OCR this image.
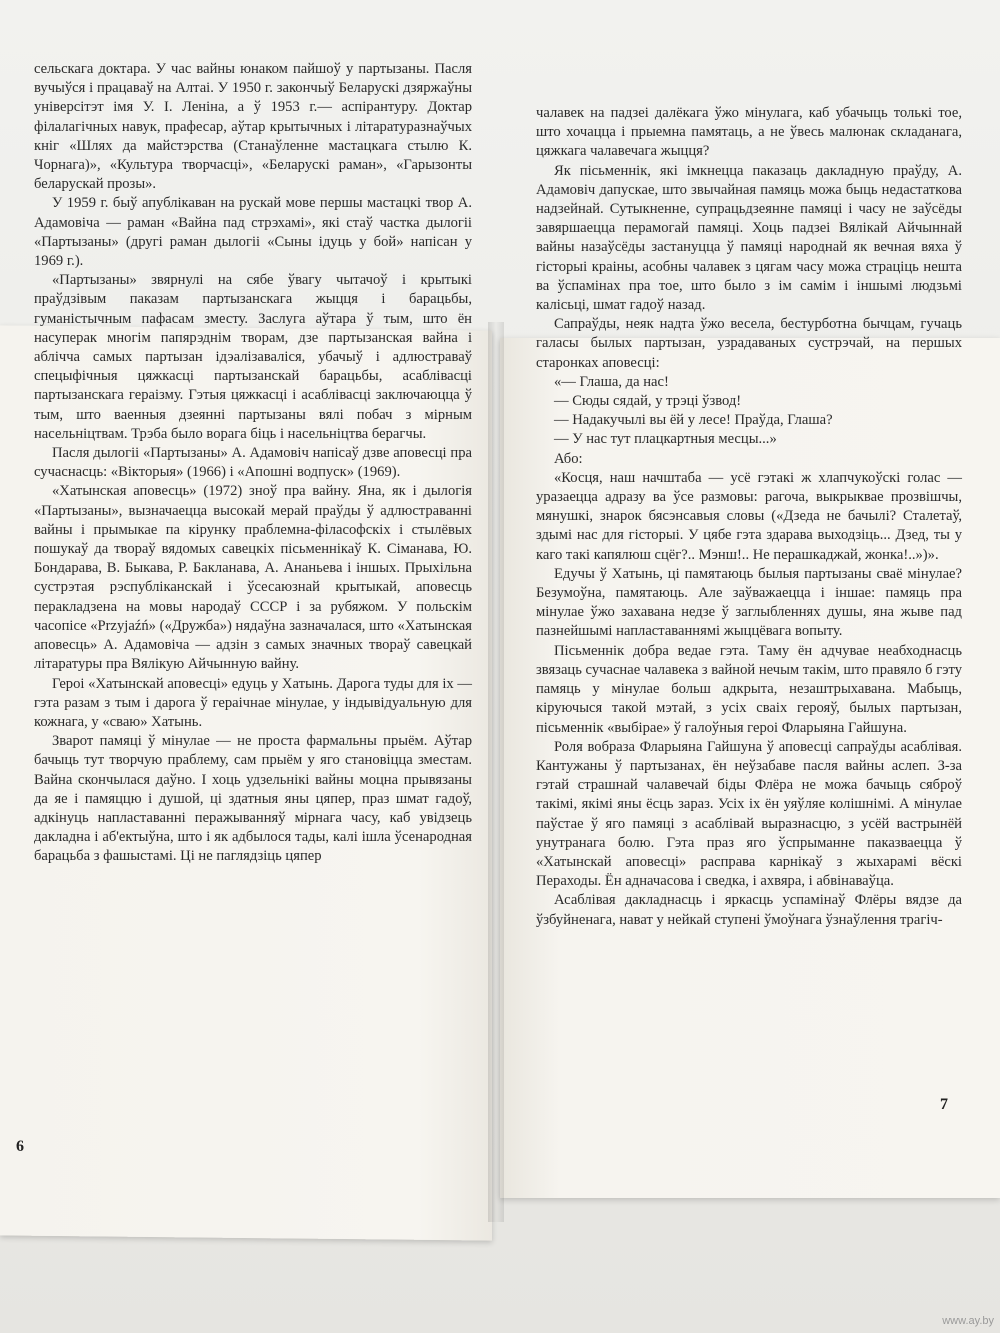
сельскага доктара. У час вайны юнаком пайшоў у партызаны. Пасля вучыўся і працаваў на Алтаі. У 1950 г. закончыў Беларускі дзяржаўны універсітэт імя У. І. Леніна, а ў 1953 г.— аспірантуру. Доктар філалагічных навук, прафесар, аўтар крытычных і літаратуразнаўчых кніг «Шлях да майстэрства (Станаўленне мастацкага стылю К. Чорнага)», «Культура творчасці», «Беларускі раман», «Гарызонты беларускай прозы».

У 1959 г. быў апублікаван на рускай мове першы мастацкі твор А. Адамовіча — раман «Вайна пад стрэхамі», які стаў частка дылогіі «Партызаны» (другі раман дылогіі «Сыны ідуць у бой» напісан у 1969 г.).

«Партызаны» звярнулі на сябе ўвагу чытачоў і крытыкі праўдзівым паказам партызанскага жыцця і барацьбы, гуманістычным пафасам зместу. Заслуга аўтара ў тым, што ён насуперак многім папярэднім творам, дзе партызанская вайна і аблічча самых партызан ідэалізаваліся, убачыў і адлюстраваў спецыфічныя цяжкасці партызанскай барацьбы, асаблівасці партызанскага гераізму. Гэтыя цяжкасці і асаблівасці заключаюцца ў тым, што ваенныя дзеянні партызаны вялі побач з мірным насельніцтвам. Трэба было ворага біць і насельніцтва берагчы.

Пасля дылогіі «Партызаны» А. Адамовіч напісаў дзве аповесці пра сучаснасць: «Вікторыя» (1966) і «Апошні водпуск» (1969).

«Хатынская аповесць» (1972) зноў пра вайну. Яна, як і дылогія «Партызаны», вызначаецца высокай мерай праўды ў адлюстраванні вайны і прымыкае па кірунку праблемна-філасофскіх і стылёвых пошукаў да твораў вядомых савецкіх пісьменнікаў К. Сіманава, Ю. Бондарава, В. Быкава, Р. Бакланава, А. Ананьева і іншых. Прыхільна сустрэтая рэспубліканскай і ўсесаюзнай крытыкай, аповесць перакладзена на мовы народаў СССР і за рубяжом. У польскім часопісе «Przyjaźń» («Дружба») нядаўна зазначалася, што «Хатынская аповесць» А. Адамовіча — адзін з самых значных твораў савецкай літаратуры пра Вялікую Айчынную вайну.

Героі «Хатынскай аповесці» едуць у Хатынь. Дарога туды для іх — гэта разам з тым і дарога ў гераічнае мінулае, у індывідуальную для кожнага, у «сваю» Хатынь.

Зварот памяці ў мінулае — не проста фармальны прыём. Аўтар бачыць тут творчую праблему, сам прыём у яго становіцца зместам. Вайна скончылася даўно. І хоць удзельнікі вайны моцна прывязаны да яе і памяццю і душой, ці здатныя яны цяпер, праз шмат гадоў, адкінуць напластаванні перажыванняў мірнага часу, каб увідзець дакладна і аб'ектыўна, што і як адбылося тады, калі ішла ўсенародная барацьба з фашыстамі. Ці не паглядзіць цяпер

6

чалавек на падзеі далёкага ўжо мінулага, каб убачыць толькі тое, што хочацца і прыемна памятаць, а не ўвесь малюнак складанага, цяжкага чалавечага жыцця?

Як пісьменнік, які імкнецца паказаць дакладную праўду, А. Адамовіч дапускае, што звычайная памяць можа быць недастаткова надзейнай. Сутыкненне, супрацьдзеянне памяці і часу не заўсёды завяршаецца перамогай памяці. Хоць падзеі Вялікай Айчыннай вайны назаўсёды застануцца ў памяці народнай як вечная вяха ў гісторыі краіны, асобны чалавек з цягам часу можа страціць нешта ва ўспамінах пра тое, што было з ім самім і іншымі людзьмі калісьці, шмат гадоў назад.

Сапраўды, неяк надта ўжо весела, бестурботна бычцам, гучаць галасы былых партызан, узрадаваных сустрэчай, на першых старонках аповесці:

«— Глаша, да нас!

— Сюды сядай, у трэці ўзвод!

— Надакучылі вы ёй у лесе! Праўда, Глаша?

— У нас тут плацкартныя месцы...»

Або:

«Косця, наш начштаба — усё гэтакі ж хлапчукоўскі голас — уразаецца адразу ва ўсе размовы: рагоча, выкрыквае прозвішчы, мянушкі, знарок бясэнсавыя словы («Дзеда не бачылі? Сталетаў, здымі нас для гісторыі. У цябе гэта здарава выходзіць... Дзед, ты у каго такі капялюш сцёг?.. Мэнш!.. Не перашкаджай, жонка!..»)».

Едучы ў Хатынь, ці памятаюць былыя партызаны сваё мінулае? Безумоўна, памятаюць. Але заўважаецца і іншае: памяць пра мінулае ўжо захавана недзе ў заглыбленнях душы, яна жыве пад пазнейшымі напластаваннямі жыццёвага вопыту.

Пісьменнік добра ведае гэта. Таму ён адчувае неабходнасць звязаць сучаснае чалавека з вайной нечым такім, што правяло б гэту памяць у мінулае больш адкрыта, незаштрыхавана. Мабыць, кіруючыся такой мэтай, з усіх сваіх герояў, былых партызан, пісьменнік «выбірае» ў галоўныя героі Фларыяна Гайшуна.

Роля вобраза Фларыяна Гайшуна ў аповесці сапраўды асаблівая. Кантужаны ў партызанах, ён неўзабаве пасля вайны аслеп. З-за гэтай страшнай чалавечай біды Флёра не можа бачыць сяброў такімі, якімі яны ёсць зараз. Усіх іх ён уяўляе колішнімі. А мінулае паўстае ў яго памяці з асаблівай выразнасцю, з усёй вастрынёй унутранага болю. Гэта праз яго ўспрыманне паказваецца ў «Хатынскай аповесці» расправа карнікаў з жыхарамі вёскі Пераходы. Ён адначасова і сведка, і ахвяра, і абвінаваўца.

Асаблівая дакладнасць і яркасць успамінаў Флёры вядзе да ўзбуйненага, нават у нейкай ступені ўмоўнага ўзнаўлення трагіч-

7
www.ay.by
